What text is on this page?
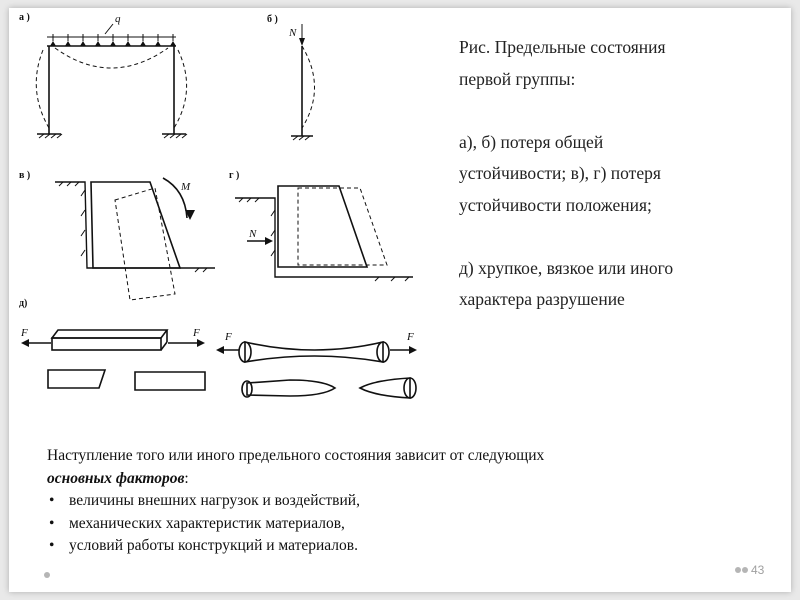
а )	б )
в )	г )
д)
q
N
M
N
F	F F	F

Рис. Предельные состояния

первой группы:

а), б) потеря общей

устойчивости; в), г) потеря

устойчивости положения;

д) хрупкое, вязкое или иного

характера разрушение

Наступление того или иного предельного состояния зависит от следующих
основных факторов:

• величины внешних нагрузок и воздействий,
• механических характеристик материалов,
• условий работы конструкций и материалов.
43
